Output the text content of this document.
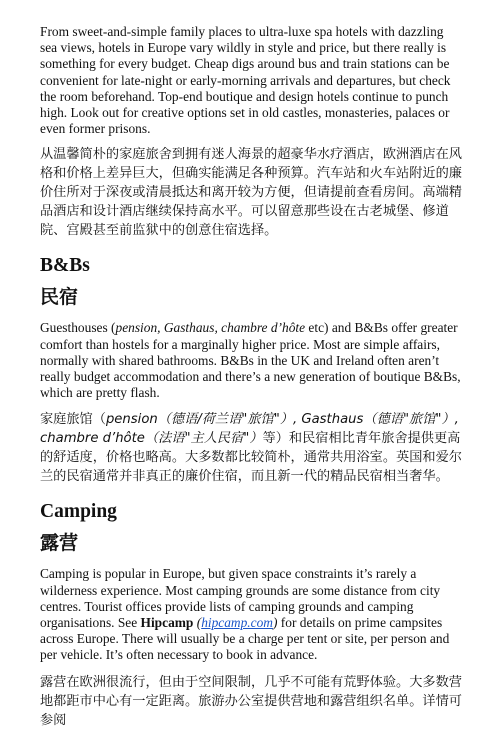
From sweet-and-simple family places to ultra-luxe spa hotels with dazzling sea views, hotels in Europe vary wildly in style and price, but there really is something for every budget. Cheap digs around bus and train stations can be convenient for late-night or early-morning arrivals and departures, but check the room beforehand. Top-end boutique and design hotels continue to punch high. Look out for creative options set in old castles, monasteries, palaces or even former prisons.

从温馨简朴的家庭旅舍到拥有迷人海景的超豪华水疗酒店，欧洲酒店在风格和价格上差异巨大，但确实能满足各种预算。汽车站和火车站附近的廉价住所对于深夜或清晨抵达和离开较为方便，但请提前查看房间。高端精品酒店和设计酒店继续保持高水平。可以留意那些设在古老城堡、修道院、宫殿甚至前监狱中的创意住宿选择。

B&Bs
民宿

Guesthouses (pension, Gasthaus, chambre d’hôte etc) and B&Bs offer greater comfort than hostels for a marginally higher price. Most are simple affairs, normally with shared bathrooms. B&Bs in the UK and Ireland often aren’t really budget accommodation and there’s a new generation of boutique B&Bs, which are pretty flash.

家庭旅馆（pension（德语/荷兰语"旅馆"）, Gasthaus（德语"旅馆"）, chambre d’hôte（法语"主人民宿"）等）和民宿相比青年旅舍提供更高的舒适度，价格也略高。大多数都比较简朴，通常共用浴室。英国和爱尔兰的民宿通常并非真正的廉价住宿，而且新一代的精品民宿相当奢华。

Camping
露营

Camping is popular in Europe, but given space constraints it’s rarely a wilderness experience. Most camping grounds are some distance from city centres. Tourist offices provide lists of camping grounds and camping organisations. See Hipcamp (hipcamp.com) for details on prime campsites across Europe. There will usually be a charge per tent or site, per person and per vehicle. It’s often necessary to book in advance.

露营在欧洲很流行，但由于空间限制，几乎不可能有荒野体验。大多数营地都距市中心有一定距离。旅游办公室提供营地和露营组织名单。详情可参阅
